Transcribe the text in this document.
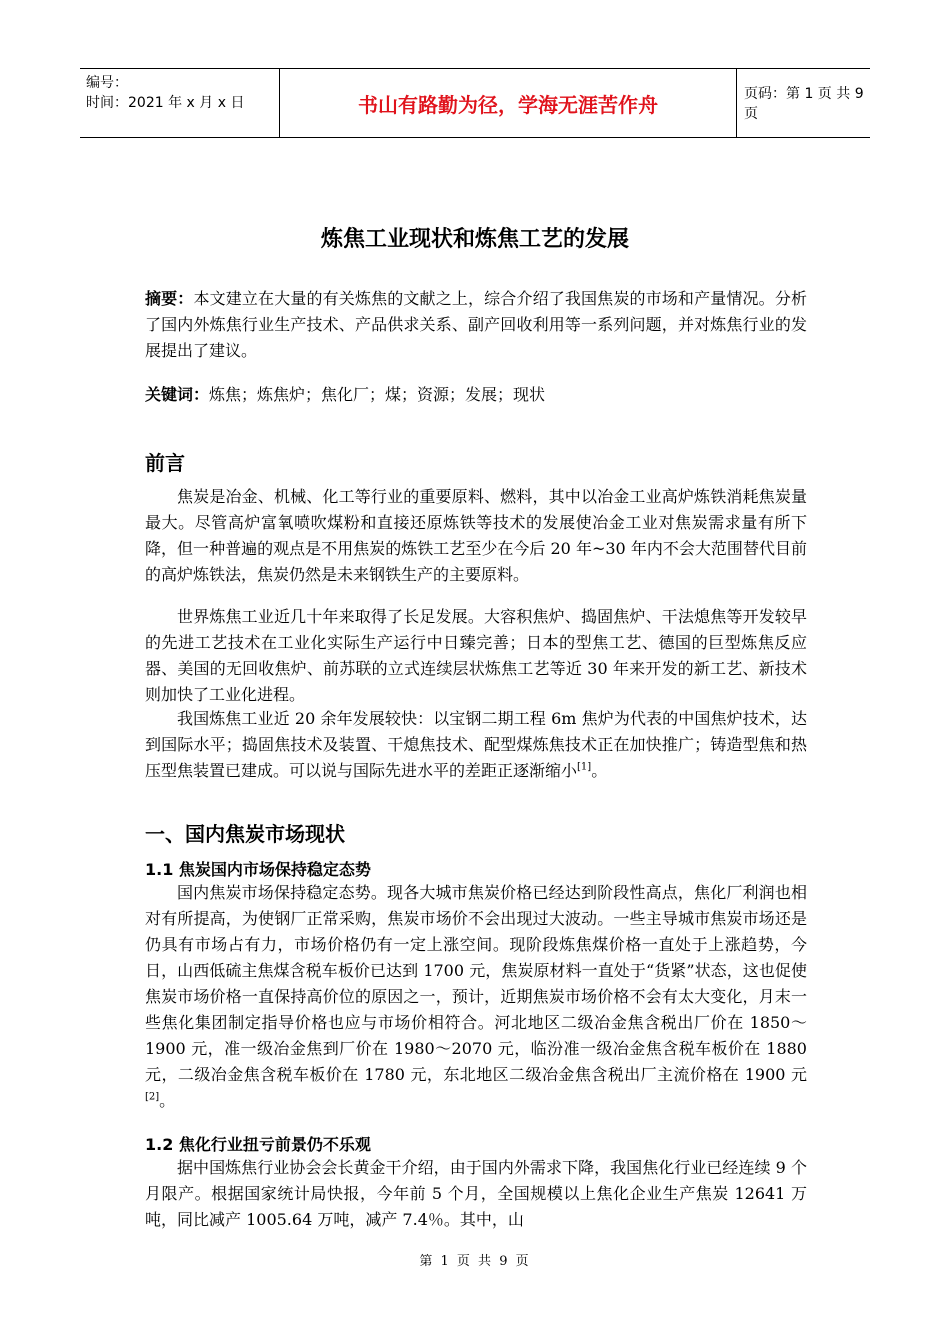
编号：
时间：2021 年 x 月 x 日	书山有路勤为径，学海无涯苦作舟	页码：第 1 页 共 9 页
炼焦工业现状和炼焦工艺的发展
摘要：本文建立在大量的有关炼焦的文献之上，综合介绍了我国焦炭的市场和产量情况。分析了国内外炼焦行业生产技术、产品供求关系、副产回收利用等一系列问题，并对炼焦行业的发展提出了建议。
关键词：炼焦；炼焦炉；焦化厂；煤；资源；发展；现状
前言
焦炭是冶金、机械、化工等行业的重要原料、燃料，其中以冶金工业高炉炼铁消耗焦炭量最大。尽管高炉富氧喷吹煤粉和直接还原炼铁等技术的发展使冶金工业对焦炭需求量有所下降，但一种普遍的观点是不用焦炭的炼铁工艺至少在今后 20 年~30 年内不会大范围替代目前的高炉炼铁法，焦炭仍然是未来钢铁生产的主要原料。
世界炼焦工业近几十年来取得了长足发展。大容积焦炉、捣固焦炉、干法熄焦等开发较早的先进工艺技术在工业化实际生产运行中日臻完善；日本的型焦工艺、德国的巨型炼焦反应器、美国的无回收焦炉、前苏联的立式连续层状炼焦工艺等近 30 年来开发的新工艺、新技术则加快了工业化进程。
我国炼焦工业近 20 余年发展较快：以宝钢二期工程 6m 焦炉为代表的中国焦炉技术，达到国际水平；捣固焦技术及装置、干熄焦技术、配型煤炼焦技术正在加快推广；铸造型焦和热压型焦装置已建成。可以说与国际先进水平的差距正逐渐缩小[1]。
一、国内焦炭市场现状
1.1 焦炭国内市场保持稳定态势
国内焦炭市场保持稳定态势。现各大城市焦炭价格已经达到阶段性高点，焦化厂利润也相对有所提高，为使钢厂正常采购，焦炭市场价不会出现过大波动。一些主导城市焦炭市场还是仍具有市场占有力，市场价格仍有一定上涨空间。现阶段炼焦煤价格一直处于上涨趋势，今日，山西低硫主焦煤含税车板价已达到 1700 元，焦炭原材料一直处于“货紧”状态，这也促使焦炭市场价格一直保持高价位的原因之一，预计，近期焦炭市场价格不会有太大变化，月末一些焦化集团制定指导价格也应与市场价相符合。河北地区二级冶金焦含税出厂价在 1850～1900 元，准一级冶金焦到厂价在 1980～2070 元，临汾准一级冶金焦含税车板价在 1880 元，二级冶金焦含税车板价在 1780 元，东北地区二级冶金焦含税出厂主流价格在 1900 元[2]。
1.2 焦化行业扭亏前景仍不乐观
据中国炼焦行业协会会长黄金干介绍，由于国内外需求下降，我国焦化行业已经连续 9 个月限产。根据国家统计局快报，今年前 5 个月，全国规模以上焦化企业生产焦炭 12641 万吨，同比减产 1005.64 万吨，减产 7.4％。其中，山
第 1 页 共 9 页
